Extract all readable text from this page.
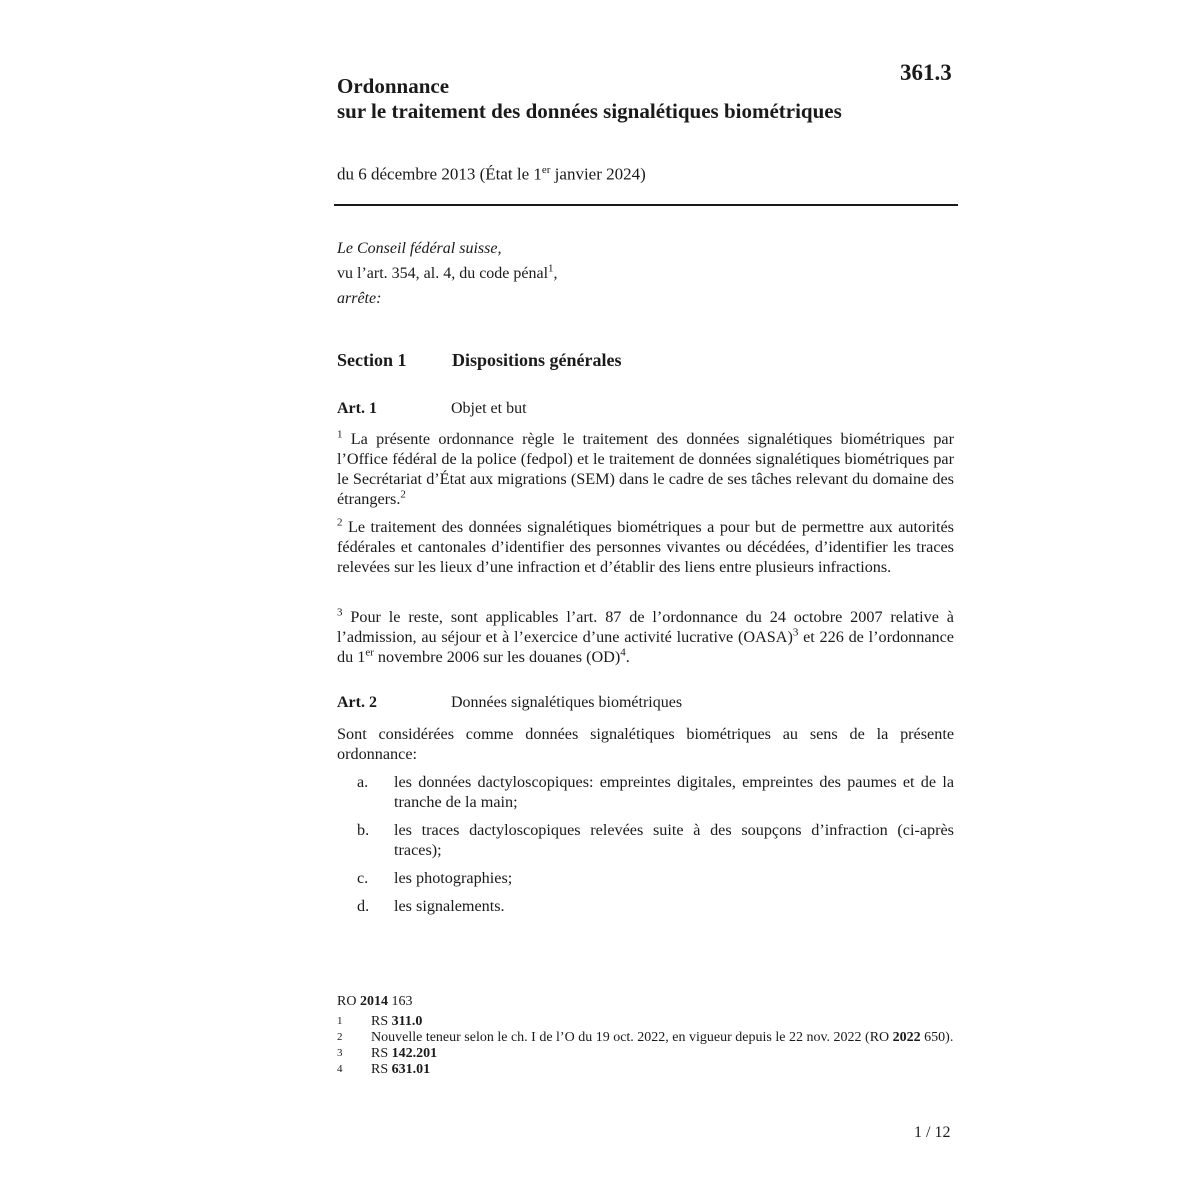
361.3
Ordonnance
sur le traitement des données signalétiques biométriques
du 6 décembre 2013 (État le 1er janvier 2024)
Le Conseil fédéral suisse,
vu l’art. 354, al. 4, du code pénal$^1$,
arrête:
Section 1	Dispositions générales
Art. 1	Objet et but
$^1$ La présente ordonnance règle le traitement des données signalétiques biométriques par l’Office fédéral de la police (fedpol) et le traitement de données signalétiques biométriques par le Secrétariat d’État aux migrations (SEM) dans le cadre de ses tâches relevant du domaine des étrangers.$^2$
$^2$ Le traitement des données signalétiques biométriques a pour but de permettre aux autorités fédérales et cantonales d’identifier des personnes vivantes ou décédées, d’identifier les traces relevées sur les lieux d’une infraction et d’établir des liens entre plusieurs infractions.
$^3$ Pour le reste, sont applicables l’art. 87 de l’ordonnance du 24 octobre 2007 relative à l’admission, au séjour et à l’exercice d’une activité lucrative (OASA)$^3$ et 226 de l’ordonnance du 1er novembre 2006 sur les douanes (OD)$^4$.
Art. 2	Données signalétiques biométriques
Sont considérées comme données signalétiques biométriques au sens de la présente ordonnance:
a.	les données dactyloscopiques: empreintes digitales, empreintes des paumes et de la tranche de la main;
b.	les traces dactyloscopiques relevées suite à des soupçons d’infraction (ci-après traces);
c.	les photographies;
d.	les signalements.
RO 2014 163
1	RS 311.0
2	Nouvelle teneur selon le ch. I de l’O du 19 oct. 2022, en vigueur depuis le 22 nov. 2022 (RO 2022 650).
3	RS 142.201
4	RS 631.01
1 / 12
